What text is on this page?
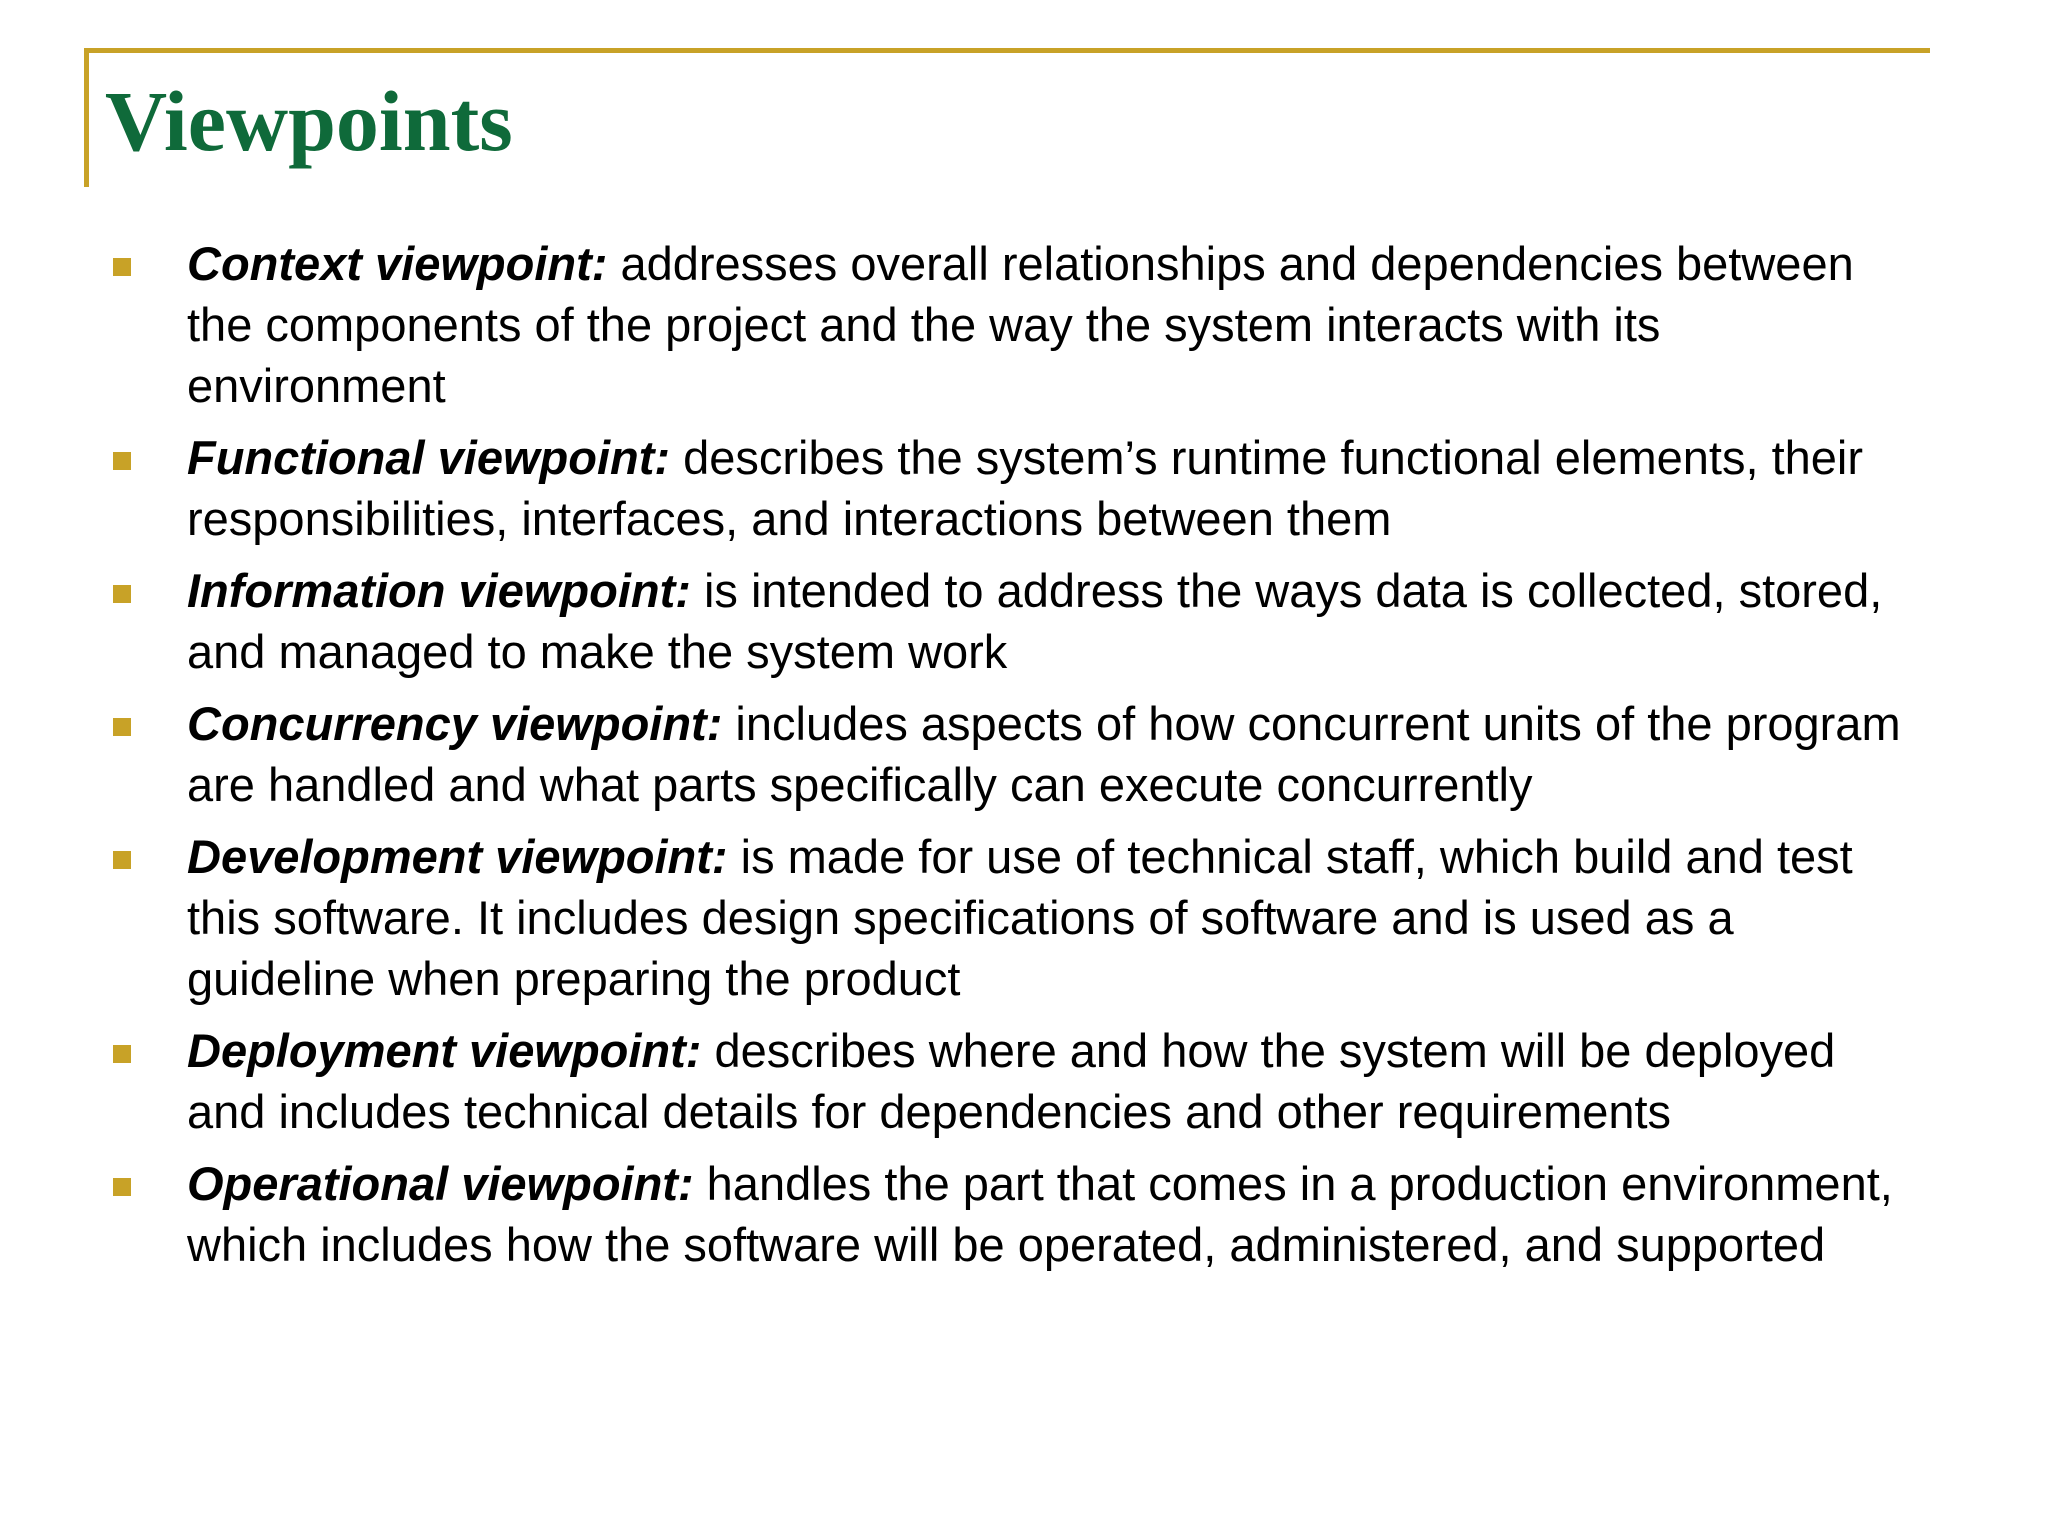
Viewpoints
Context viewpoint: addresses overall relationships and dependencies between the components of the project and the way the system interacts with its environment
Functional viewpoint: describes the system’s runtime functional elements, their responsibilities, interfaces, and interactions between them
Information viewpoint: is intended to address the ways data is collected, stored, and managed to make the system work
Concurrency viewpoint: includes aspects of how concurrent units of the program are handled and what parts specifically can execute concurrently
Development viewpoint: is made for use of technical staff, which build and test this software. It includes design specifications of software and is used as a guideline when preparing the product
Deployment viewpoint: describes where and how the system will be deployed and includes technical details for dependencies and other requirements
Operational viewpoint: handles the part that comes in a production environment, which includes how the software will be operated, administered, and supported
